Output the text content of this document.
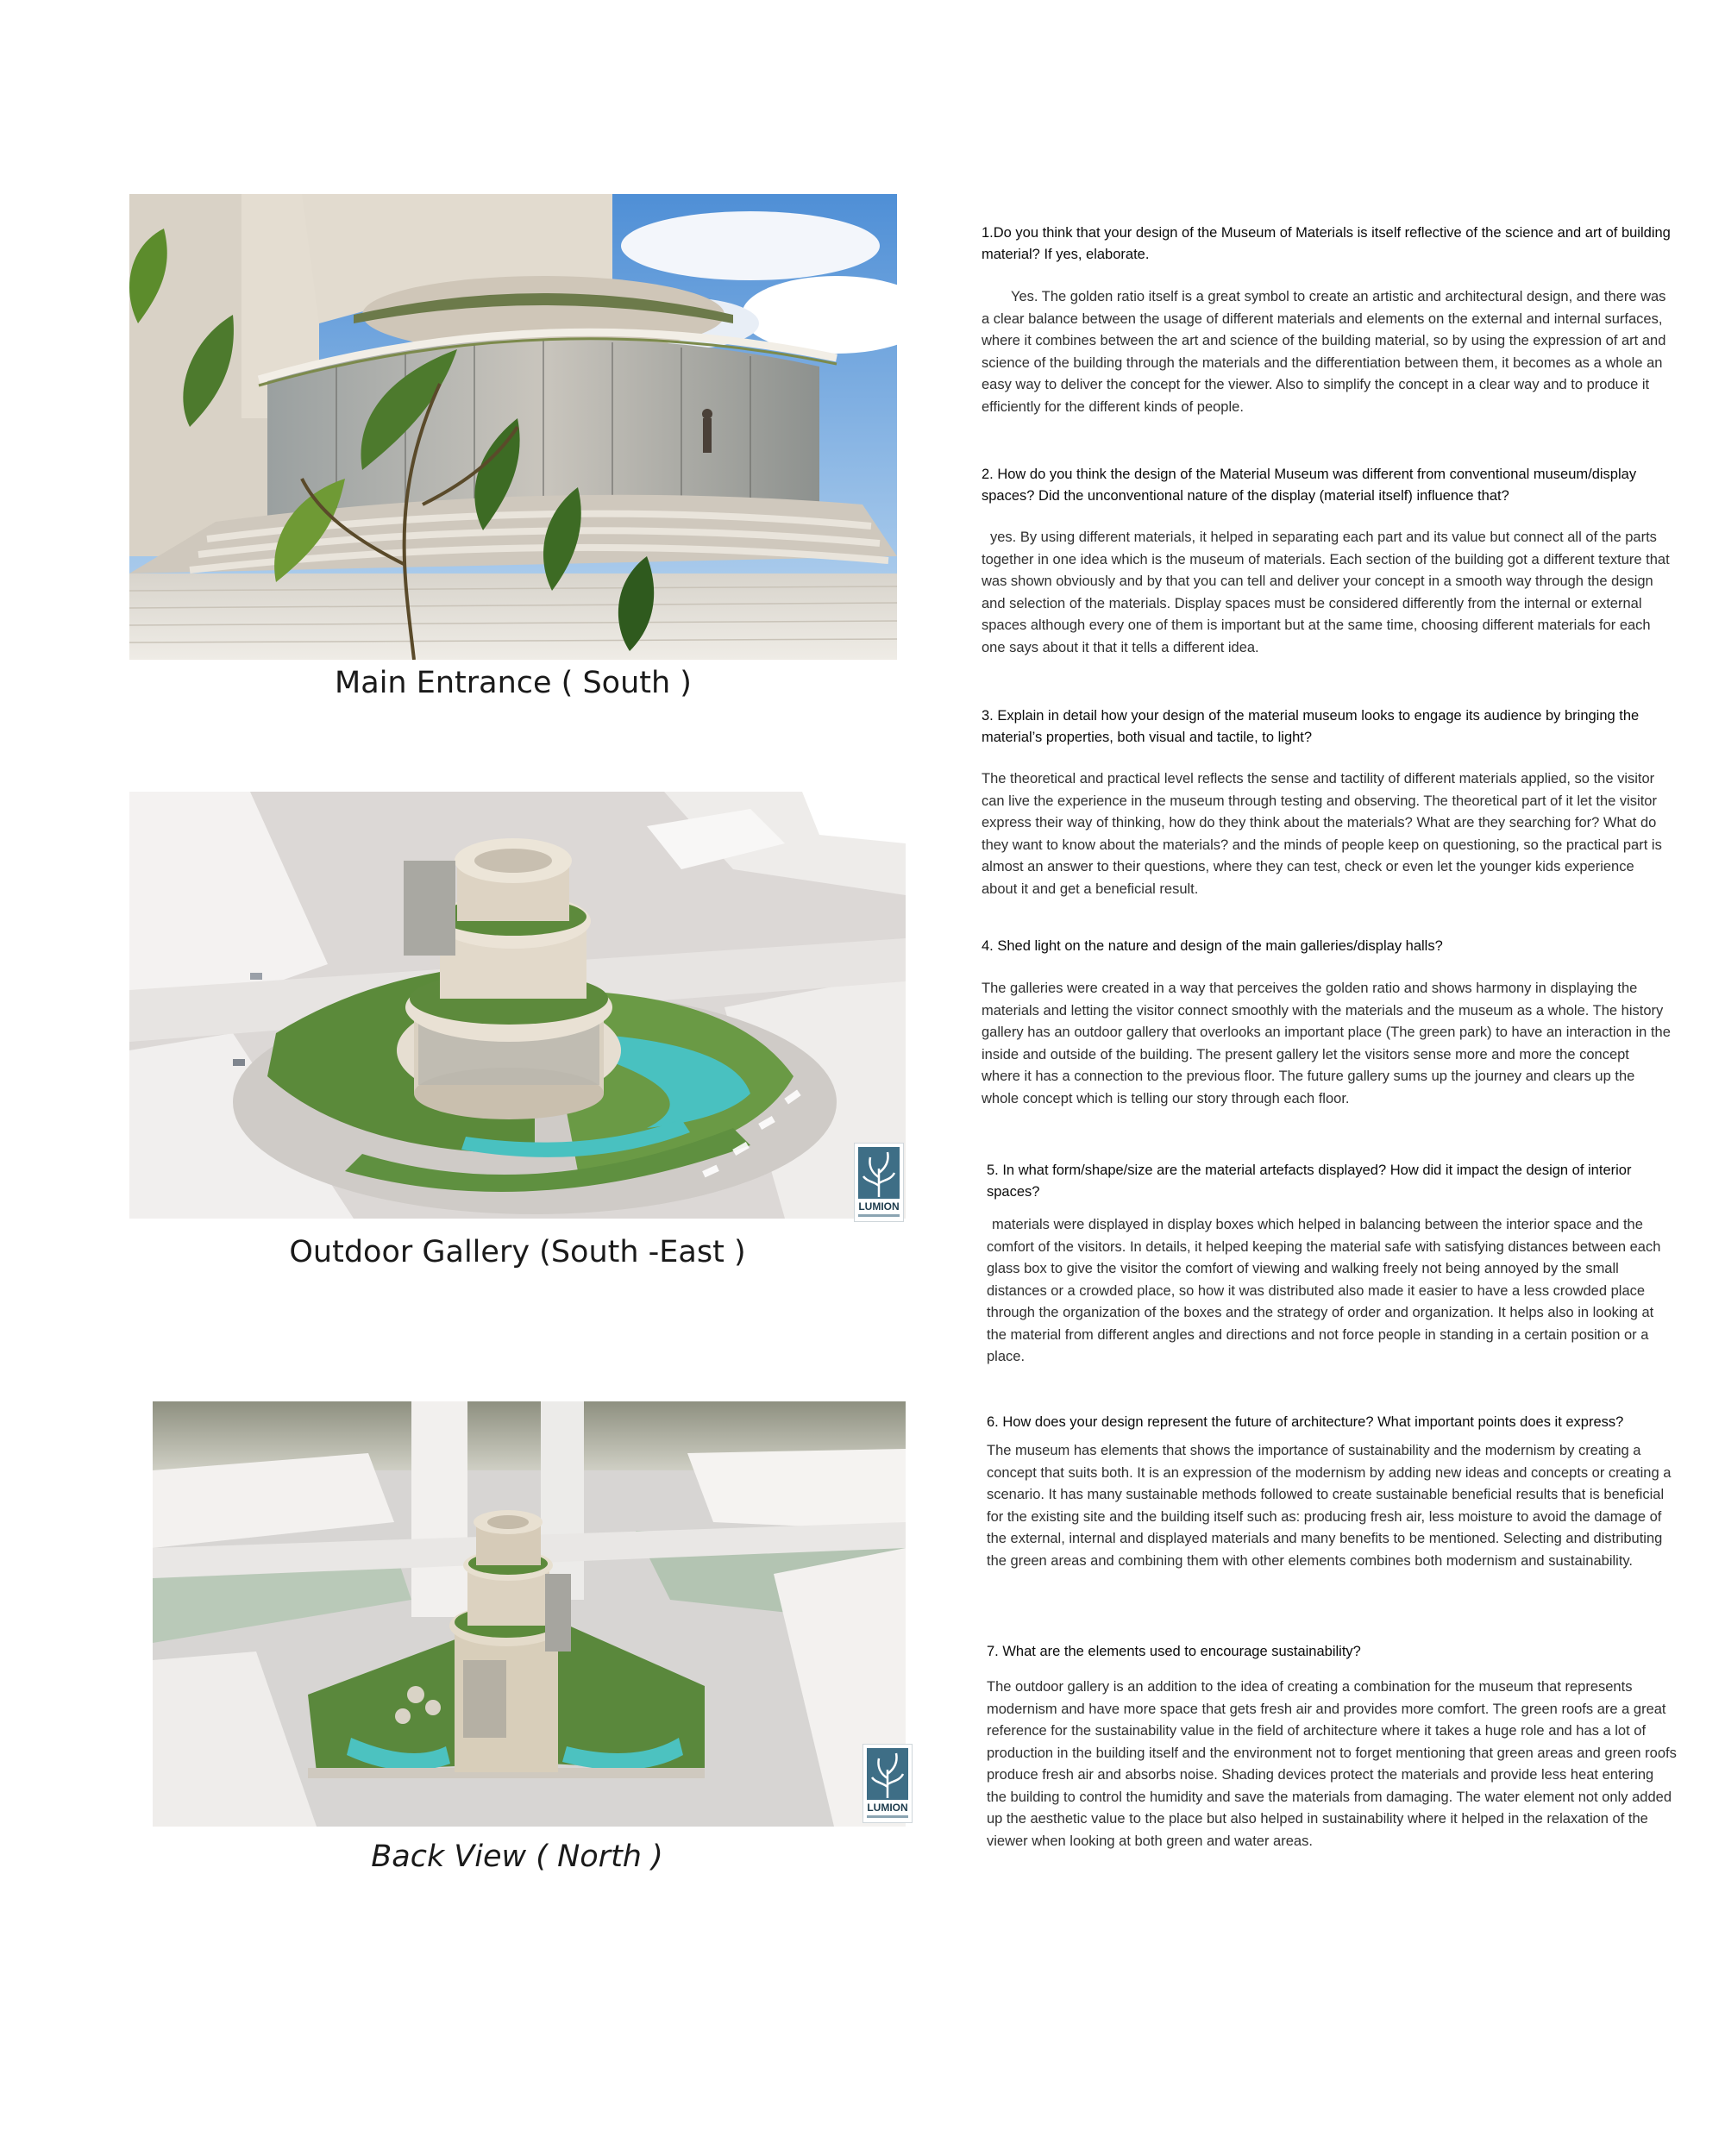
Main Entrance ( South )
LUMION
Outdoor Gallery (South -East )
LUMION
Back View ( North )
1.Do you think that your design of the Museum of Materials is itself reflective of the science and art of building material? If yes, elaborate.
Yes. The golden ratio itself is a great symbol to create an artistic and architectural design, and there was a clear balance between the usage of different materials and elements on the external and internal surfaces, where it combines between the art and science of the building material, so by using the expression of art and science of the building through the materials and the differentiation between them, it becomes as a whole an easy way to deliver the concept for the viewer. Also to simplify the concept in a clear way and to produce it efficiently for the different kinds of people.
2. How do you think the design of the Material Museum was different from conventional museum/display spaces? Did the unconventional nature of the display (material itself) influence that?
yes. By using different materials, it helped in separating each part and its value but connect all of the parts together in one idea which is the museum of materials. Each section of the building got a different texture that was shown obviously and by that you can tell and deliver your concept in a smooth way through the design and selection of the materials. Display spaces must be considered differently from the internal or external spaces although every one of them is important but at the same time, choosing different materials for each one says about it that it tells a different idea.
3. Explain in detail how your design of the material museum looks to engage its audience by bringing the material’s properties, both visual and tactile, to light?
The theoretical and practical level reflects the sense and tactility of different materials applied, so the visitor can live the experience in the museum through testing and observing. The theoretical part of it let the visitor express their way of thinking, how do they think about the materials? What are they searching for? What do they want to know about the materials? and the minds of people keep on questioning, so the practical part is almost an answer to their questions, where they can test, check or even let the younger kids experience about it and get a beneficial result.
4. Shed light on the nature and design of the main galleries/display halls?
The galleries were created in a way that perceives the golden ratio and shows harmony in displaying the materials and letting the visitor connect smoothly with the materials and the museum as a whole. The history gallery has an outdoor gallery that overlooks an important place (The green park) to have an interaction in the inside and outside of the building. The present gallery let the visitors sense more and more the concept where it has a connection to the previous floor. The future gallery sums up the journey and clears up the whole concept which is telling our story through each floor.
5. In what form/shape/size are the material artefacts displayed? How did it impact the design of interior spaces?
materials were displayed in display boxes which helped in balancing between the interior space and the comfort of the visitors. In details, it helped keeping the material safe with satisfying distances between each glass box to give the visitor the comfort of viewing and walking freely not being annoyed by the small distances or a crowded place, so how it was distributed also made it easier to have a less crowded place through the organization of the boxes and the strategy of order and organization. It helps also in looking at the material from different angles and directions and not force people in standing in a certain position or a place.
6. How does your design represent the future of architecture? What important points does it express?
The museum has elements that shows the importance of sustainability and the modernism by creating a concept that suits both. It is an expression of the modernism by adding new ideas and concepts or creating a scenario. It has many sustainable methods followed to create sustainable beneficial results that is beneficial for the existing site and the building itself such as: producing fresh air, less moisture to avoid the damage of the external, internal and displayed materials and many benefits to be mentioned. Selecting and distributing the green areas and combining them with other elements combines both modernism and sustainability.
7. What are the elements used to encourage sustainability?
The outdoor gallery is an addition to the idea of creating a combination for the museum that represents modernism and have more space that gets fresh air and provides more comfort. The green roofs are a great reference for the sustainability value in the field of architecture where it takes a huge role and has a lot of production in the building itself and the environment not to forget mentioning that green areas and green roofs produce fresh air and absorbs noise. Shading devices protect the materials and provide less heat entering the building to control the humidity and save the materials from damaging. The water element not only added up the aesthetic value to the place but also helped in sustainability where it helped in the relaxation of the viewer when looking at both green and water areas.
